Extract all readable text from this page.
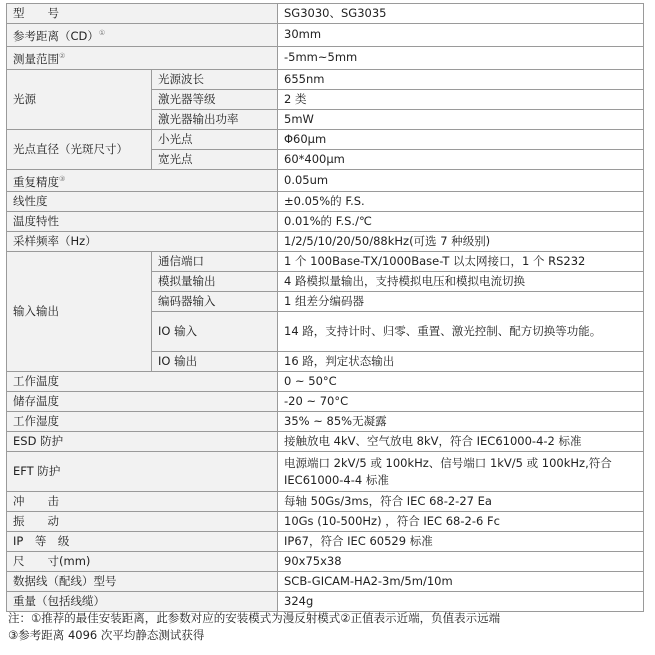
型　　号		SG3030、SG3035
参考距离（CD）①		30mm
测量范围②		-5mm~5mm
光源	光源波长	655nm
	激光器等级	2 类
	激光器输出功率	5mW
光点直径（光斑尺寸）	小光点	Φ60μm
	宽光点	60*400μm
重复精度③		0.05um
线性度		±0.05%的 F.S.
温度特性		0.01%的 F.S./℃
采样频率（Hz）		1/2/5/10/20/50/88kHz(可选 7 种级别)
输入输出	通信端口	1 个 100Base-TX/1000Base-T 以太网接口，1 个 RS232
	模拟量输出	4 路模拟量输出，支持模拟电压和模拟电流切换
	编码器输入	1 组差分编码器
	IO 输入	14 路，支持计时、归零、重置、激光控制、配方切换等功能。
	IO 输出	16 路，判定状态输出
工作温度		0 ~ 50°C
储存温度		-20 ~ 70°C
工作湿度		35% ~ 85%无凝露
ESD 防护		接触放电 4kV、空气放电 8kV，符合 IEC61000-4-2 标准
EFT 防护		电源端口 2kV/5 或 100kHz、信号端口 1kV/5 或 100kHz,符合 IEC61000-4-4 标准
冲　　击		每轴 50Gs/3ms，符合 IEC 68-2-27 Ea
振　　动		10Gs (10-500Hz) ，符合 IEC 68-2-6 Fc
IP　等　级		IP67，符合 IEC 60529 标准
尺　　寸(mm)		90x75x38
数据线（配线）型号		SCB-GICAM-HA2-3m/5m/10m
重量（包括线缆）		324g
注：①推荐的最佳安装距离，此参数对应的安装模式为漫反射模式②正值表示近端，负值表示远端
③参考距离 4096 次平均静态测试获得
